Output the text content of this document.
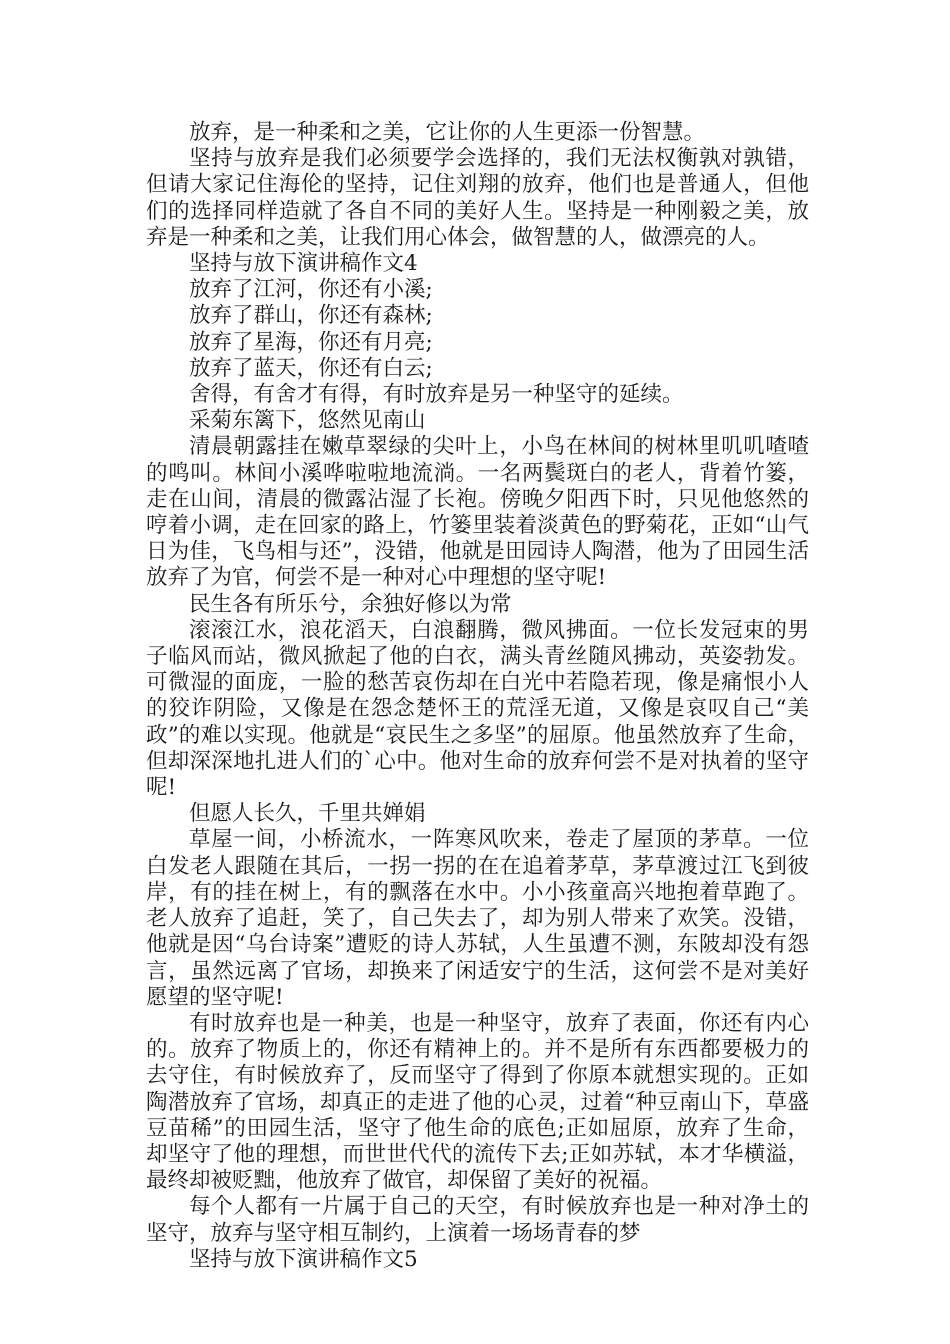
放弃，是一种柔和之美，它让你的人生更添一份智慧。

坚持与放弃是我们必须要学会选择的，我们无法权衡孰对孰错，但请大家记住海伦的坚持，记住刘翔的放弃，他们也是普通人，但他们的选择同样造就了各自不同的美好人生。坚持是一种刚毅之美，放弃是一种柔和之美，让我们用心体会，做智慧的人，做漂亮的人。

坚持与放下演讲稿作文4

放弃了江河，你还有小溪;

放弃了群山，你还有森林;

放弃了星海，你还有月亮;

放弃了蓝天，你还有白云;

舍得，有舍才有得，有时放弃是另一种坚守的延续。

采菊东篱下，悠然见南山

清晨朝露挂在嫩草翠绿的尖叶上，小鸟在林间的树林里叽叽喳喳的鸣叫。林间小溪哗啦啦地流淌。一名两鬓斑白的老人，背着竹篓，走在山间，清晨的微露沾湿了长袍。傍晚夕阳西下时，只见他悠然的哼着小调，走在回家的路上，竹篓里装着淡黄色的野菊花，正如“山气日为佳，飞鸟相与还”，没错，他就是田园诗人陶潜，他为了田园生活放弃了为官，何尝不是一种对心中理想的坚守呢!

民生各有所乐兮，余独好修以为常

滚滚江水，浪花滔天，白浪翻腾，微风拂面。一位长发冠束的男子临风而站，微风掀起了他的白衣，满头青丝随风拂动，英姿勃发。可微湿的面庞，一脸的愁苦哀伤却在白光中若隐若现，像是痛恨小人的狡诈阴险，又像是在怨念楚怀王的荒淫无道，又像是哀叹自己“美政”的难以实现。他就是“哀民生之多坚”的屈原。他虽然放弃了生命，但却深深地扎进人们的`心中。他对生命的放弃何尝不是对执着的坚守呢!

但愿人长久，千里共婵娟

草屋一间，小桥流水，一阵寒风吹来，卷走了屋顶的茅草。一位白发老人跟随在其后，一拐一拐的在在追着茅草，茅草渡过江飞到彼岸，有的挂在树上，有的飘落在水中。小小孩童高兴地抱着草跑了。老人放弃了追赶，笑了，自己失去了，却为别人带来了欢笑。没错，他就是因“乌台诗案”遭贬的诗人苏轼，人生虽遭不测，东陂却没有怨言，虽然远离了官场，却换来了闲适安宁的生活，这何尝不是对美好愿望的坚守呢!

有时放弃也是一种美，也是一种坚守，放弃了表面，你还有内心的。放弃了物质上的，你还有精神上的。并不是所有东西都要极力的去守住，有时候放弃了，反而坚守了得到了你原本就想实现的。正如陶潜放弃了官场，却真正的走进了他的心灵，过着“种豆南山下，草盛豆苗稀”的田园生活，坚守了他生命的底色;正如屈原，放弃了生命，却坚守了他的理想，而世世代代的流传下去;正如苏轼，本才华横溢，最终却被贬黜，他放弃了做官，却保留了美好的祝福。

每个人都有一片属于自己的天空，有时候放弃也是一种对净土的坚守，放弃与坚守相互制约，上演着一场场青春的梦

坚持与放下演讲稿作文5
